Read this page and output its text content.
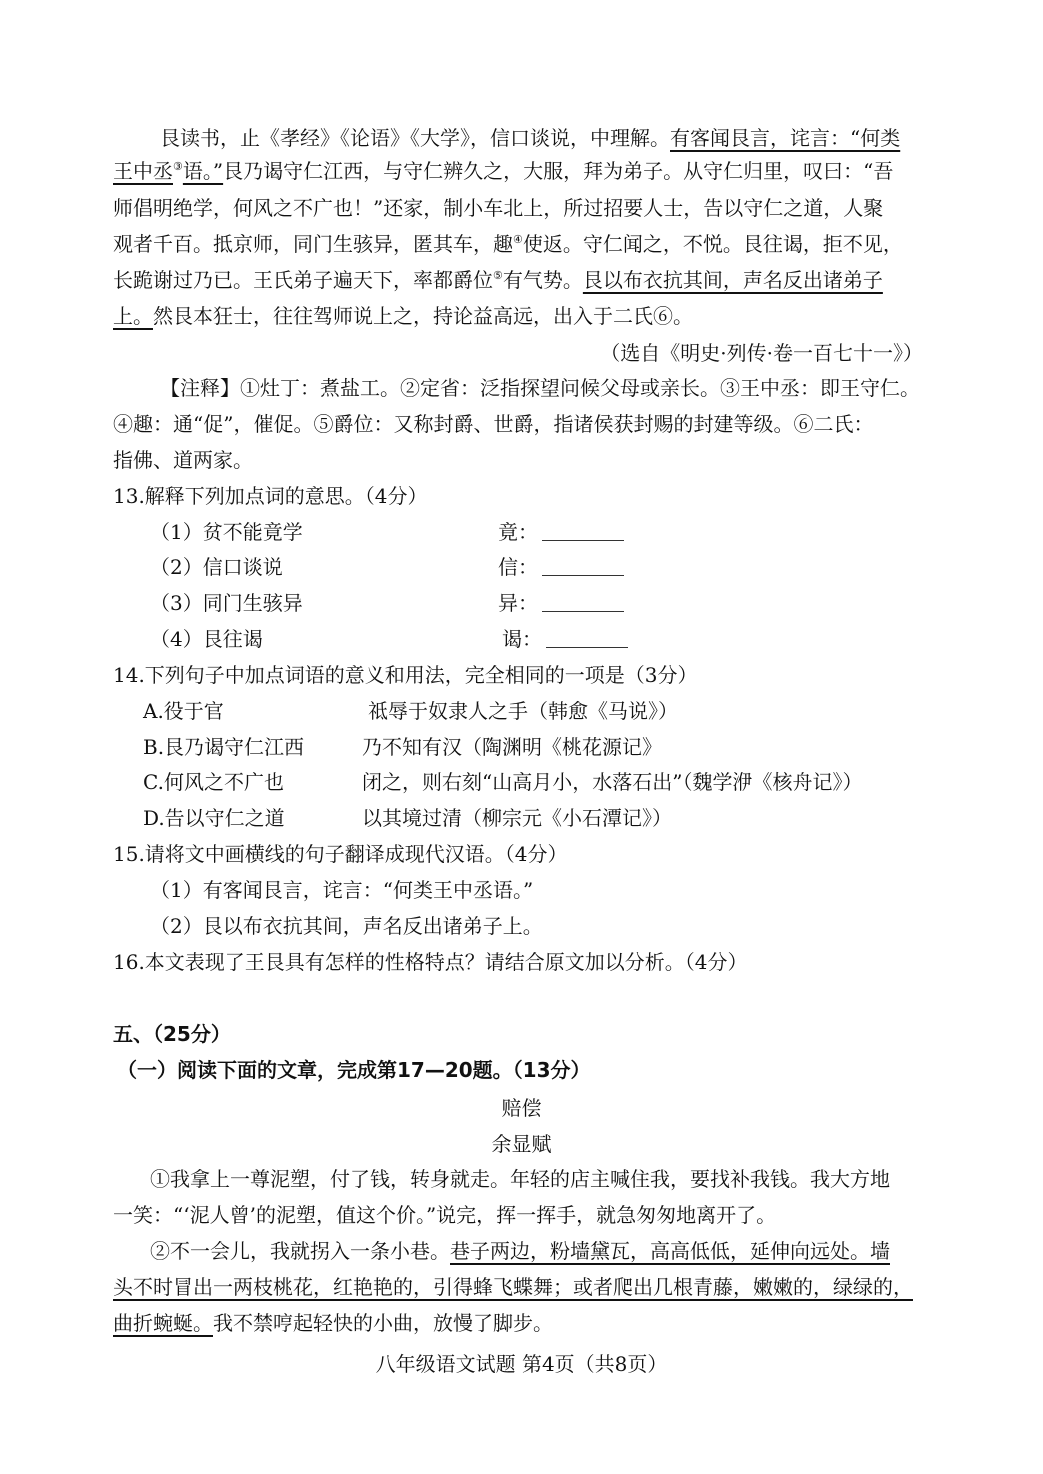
艮读书，止《孝经》《论语》《大学》，信口谈说，中理解。有客闻艮言，诧言：“何类
王中丞③语。”艮乃谒守仁江西，与守仁辨久之，大服，拜为弟子。从守仁归里，叹曰：“吾
师倡明绝学，何风之不广也！”还家，制小车北上，所过招要人士，告以守仁之道，人聚
观者千百。抵京师，同门生骇异，匿其车，趣④使返。守仁闻之，不悦。艮往谒，拒不见，
长跪谢过乃已。王氏弟子遍天下，率都爵位⑤有气势。艮以布衣抗其间，声名反出诸弟子
上。然艮本狂士，往往驾师说上之，持论益高远，出入于二氏⑥。
（选自《明史·列传·卷一百七十一》）
【注释】①灶丁：煮盐工。②定省：泛指探望问候父母或亲长。③王中丞：即王守仁。
④趣：通“促”，催促。⑤爵位：又称封爵、世爵，指诸侯获封赐的封建等级。⑥二氏：
指佛、道两家。
13.解释下列加点词的意思。（4分）
（1）贫不能竟学	竟：
（2）信口谈说	信：
（3）同门生骇异	异：
（4）艮往谒	谒：
14.下列句子中加点词语的意义和用法，完全相同的一项是（3分）
A.役于官	祗辱于奴隶人之手（韩愈《马说》）
B.艮乃谒守仁江西	乃不知有汉（陶渊明《桃花源记》
C.何风之不广也	闭之，则右刻“山高月小，水落石出”（魏学洢《核舟记》）
D.告以守仁之道	以其境过清（柳宗元《小石潭记》）
15.请将文中画横线的句子翻译成现代汉语。（4分）
（1）有客闻艮言，诧言：“何类王中丞语。”
（2）艮以布衣抗其间，声名反出诸弟子上。
16.本文表现了王艮具有怎样的性格特点？请结合原文加以分析。（4分）
五、（25分）
（一）阅读下面的文章，完成第17—20题。（13分）
赔偿
余显赋
①我拿上一尊泥塑，付了钱，转身就走。年轻的店主喊住我，要找补我钱。我大方地
一笑：“‘泥人曾’的泥塑，值这个价。”说完，挥一挥手，就急匆匆地离开了。
②不一会儿，我就拐入一条小巷。巷子两边，粉墙黛瓦，高高低低，延伸向远处。墙
头不时冒出一两枝桃花，红艳艳的，引得蜂飞蝶舞；或者爬出几根青藤，嫩嫩的，绿绿的，
曲折蜿蜒。我不禁哼起轻快的小曲，放慢了脚步。
八年级语文试题 第4页（共8页）
